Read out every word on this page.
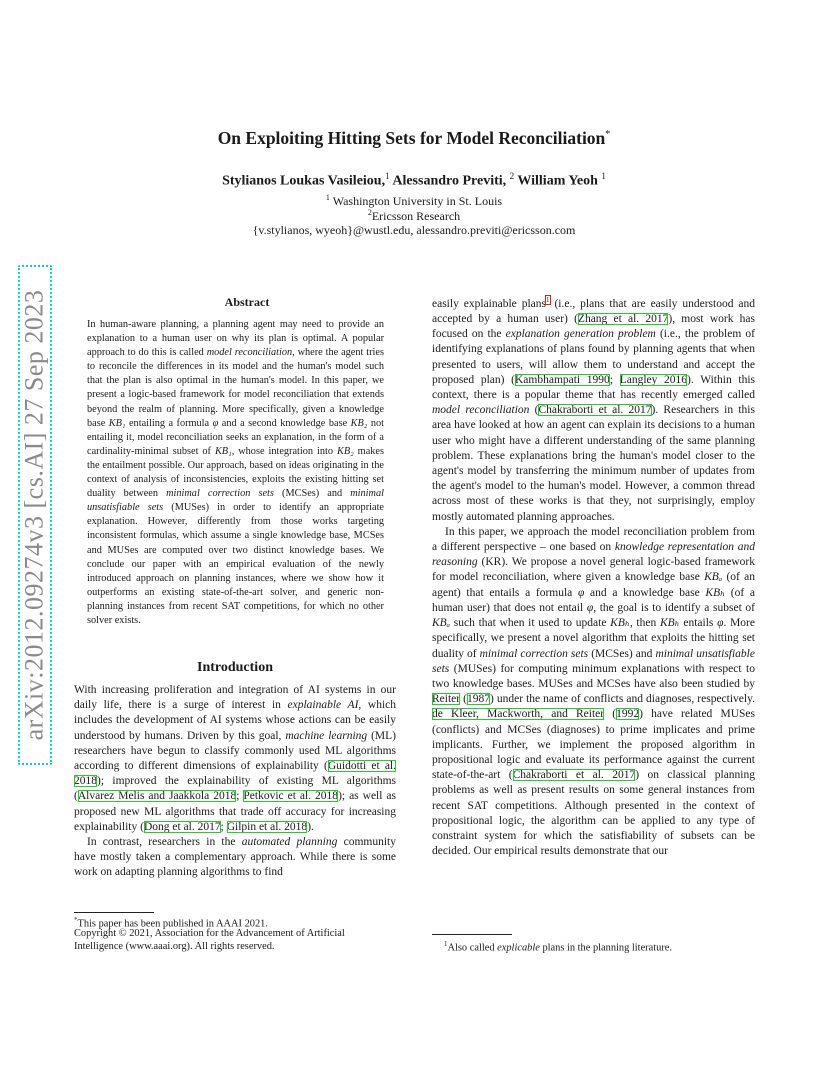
arXiv:2012.09274v3 [cs.AI] 27 Sep 2023
On Exploiting Hitting Sets for Model Reconciliation*
Stylianos Loukas Vasileiou,$^1$ Alessandro Previti, $^2$ William Yeoh $^1$
$^1$ Washington University in St. Louis
$^2$Ericsson Research
{v.stylianos, wyeoh}@wustl.edu, alessandro.previti@ericsson.com
Abstract
In human-aware planning, a planning agent may need to provide an explanation to a human user on why its plan is optimal. A popular approach to do this is called model reconciliation, where the agent tries to reconcile the differences in its model and the human's model such that the plan is also optimal in the human's model. In this paper, we present a logic-based framework for model reconciliation that extends beyond the realm of planning. More specifically, given a knowledge base KB₁ entailing a formula φ and a second knowledge base KB₂ not entailing it, model reconciliation seeks an explanation, in the form of a cardinality-minimal subset of KB₁, whose integration into KB₂ makes the entailment possible. Our approach, based on ideas originating in the context of analysis of inconsistencies, exploits the existing hitting set duality between minimal correction sets (MCSes) and minimal unsatisfiable sets (MUSes) in order to identify an appropriate explanation. However, differently from those works targeting inconsistent formulas, which assume a single knowledge base, MCSes and MUSes are computed over two distinct knowledge bases. We conclude our paper with an empirical evaluation of the newly introduced approach on planning instances, where we show how it outperforms an existing state-of-the-art solver, and generic non-planning instances from recent SAT competitions, for which no other solver exists.
Introduction

With increasing proliferation and integration of AI systems in our daily life, there is a surge of interest in explainable AI, which includes the development of AI systems whose actions can be easily understood by humans. Driven by this goal, machine learning (ML) researchers have begun to classify commonly used ML algorithms according to different dimensions of explainability (Guidotti et al. 2018); improved the explainability of existing ML algorithms (Alvarez Melis and Jaakkola 2018; Petkovic et al. 2018); as well as proposed new ML algorithms that trade off accuracy for increasing explainability (Dong et al. 2017; Gilpin et al. 2018).

In contrast, researchers in the automated planning community have mostly taken a complementary approach. While there is some work on adapting planning algorithms to find

*This paper has been published in AAAI 2021.
Copyright © 2021, Association for the Advancement of Artificial Intelligence (www.aaai.org). All rights reserved.

easily explainable plans$^1$ (i.e., plans that are easily understood and accepted by a human user) (Zhang et al. 2017), most work has focused on the explanation generation problem (i.e., the problem of identifying explanations of plans found by planning agents that when presented to users, will allow them to understand and accept the proposed plan) (Kambhampati 1990; Langley 2016). Within this context, there is a popular theme that has recently emerged called model reconciliation (Chakraborti et al. 2017). Researchers in this area have looked at how an agent can explain its decisions to a human user who might have a different understanding of the same planning problem. These explanations bring the human's model closer to the agent's model by transferring the minimum number of updates from the agent's model to the human's model. However, a common thread across most of these works is that they, not surprisingly, employ mostly automated planning approaches.

In this paper, we approach the model reconciliation problem from a different perspective – one based on knowledge representation and reasoning (KR). We propose a novel general logic-based framework for model reconciliation, where given a knowledge base KBₐ (of an agent) that entails a formula φ and a knowledge base KBₕ (of a human user) that does not entail φ, the goal is to identify a subset of KBₐ such that when it used to update KBₕ, then KBₕ entails φ. More specifically, we present a novel algorithm that exploits the hitting set duality of minimal correction sets (MCSes) and minimal unsatisfiable sets (MUSes) for computing minimum explanations with respect to two knowledge bases. MUSes and MCSes have also been studied by Reiter (1987) under the name of conflicts and diagnoses, respectively. de Kleer, Mackworth, and Reiter (1992) have related MUSes (conflicts) and MCSes (diagnoses) to prime implicates and prime implicants. Further, we implement the proposed algorithm in propositional logic and evaluate its performance against the current state-of-the-art (Chakraborti et al. 2017) on classical planning problems as well as present results on some general instances from recent SAT competitions. Although presented in the context of propositional logic, the algorithm can be applied to any type of constraint system for which the satisfiability of subsets can be decided. Our empirical results demonstrate that our

$^1$Also called explicable plans in the planning literature.
